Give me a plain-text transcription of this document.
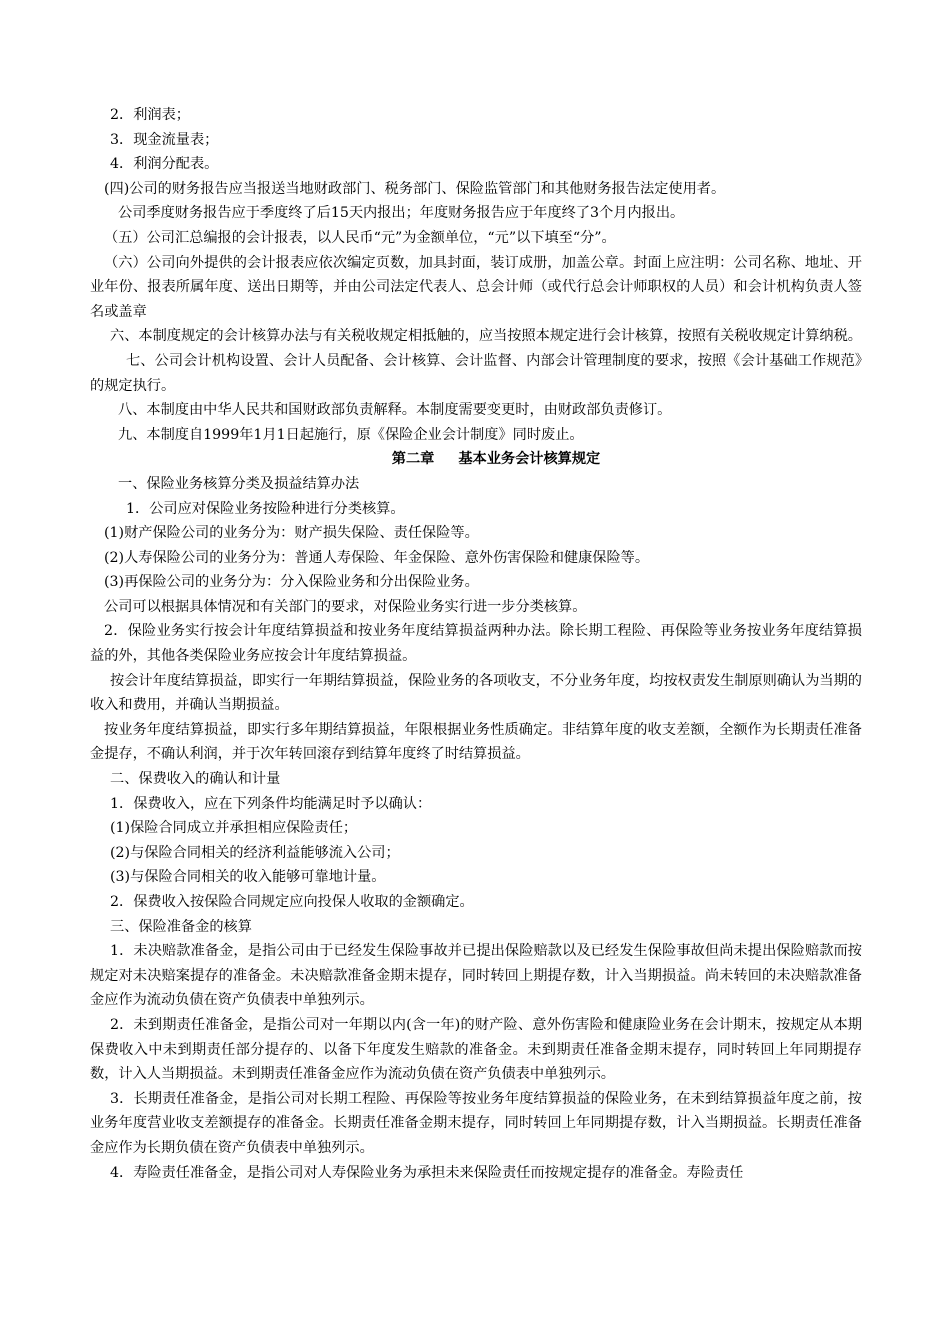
2．利润表；
3．现金流量表；
4．利润分配表。
(四)公司的财务报告应当报送当地财政部门、税务部门、保险监管部门和其他财务报告法定使用者。
公司季度财务报告应于季度终了后15天内报出；年度财务报告应于年度终了3个月内报出。
（五）公司汇总编报的会计报表，以人民币“元”为金额单位，“元”以下填至“分”。
（六）公司向外提供的会计报表应依次编定页数，加具封面，装订成册，加盖公章。封面上应注明：公司名称、地址、开业年份、报表所属年度、送出日期等，并由公司法定代表人、总会计师（或代行总会计师职权的人员）和会计机构负责人签名或盖章
六、本制度规定的会计核算办法与有关税收规定相抵触的，应当按照本规定进行会计核算，按照有关税收规定计算纳税。
七、公司会计机构设置、会计人员配备、会计核算、会计监督、内部会计管理制度的要求，按照《会计基础工作规范》的规定执行。
八、本制度由中华人民共和国财政部负责解释。本制度需要变更时，由财政部负责修订。
九、本制度自1999年1月1日起施行，原《保险企业会计制度》同时废止。
第二章 基本业务会计核算规定
一、保险业务核算分类及损益结算办法
1．公司应对保险业务按险种进行分类核算。
(1)财产保险公司的业务分为：财产损失保险、责任保险等。
(2)人寿保险公司的业务分为：普通人寿保险、年金保险、意外伤害保险和健康保险等。
(3)再保险公司的业务分为：分入保险业务和分出保险业务。
公司可以根据具体情况和有关部门的要求，对保险业务实行进一步分类核算。
2．保险业务实行按会计年度结算损益和按业务年度结算损益两种办法。除长期工程险、再保险等业务按业务年度结算损益的外，其他各类保险业务应按会计年度结算损益。
按会计年度结算损益，即实行一年期结算损益，保险业务的各项收支，不分业务年度，均按权责发生制原则确认为当期的收入和费用，并确认当期损益。
按业务年度结算损益，即实行多年期结算损益，年限根据业务性质确定。非结算年度的收支差额，全额作为长期责任准备金提存，不确认利润，并于次年转回滚存到结算年度终了时结算损益。
二、保费收入的确认和计量
1．保费收入，应在下列条件均能满足时予以确认：
(1)保险合同成立并承担相应保险责任；
(2)与保险合同相关的经济利益能够流入公司；
(3)与保险合同相关的收入能够可靠地计量。
2．保费收入按保险合同规定应向投保人收取的金额确定。
三、保险准备金的核算
1．未决赔款准备金，是指公司由于已经发生保险事故并已提出保险赔款以及已经发生保险事故但尚未提出保险赔款而按规定对未决赔案提存的准备金。未决赔款准备金期末提存，同时转回上期提存数，计入当期损益。尚未转回的未决赔款准备金应作为流动负债在资产负债表中单独列示。
2．未到期责任准备金，是指公司对一年期以内(含一年)的财产险、意外伤害险和健康险业务在会计期末，按规定从本期保费收入中未到期责任部分提存的、以备下年度发生赔款的准备金。未到期责任准备金期末提存，同时转回上年同期提存数，计入人当期损益。未到期责任准备金应作为流动负债在资产负债表中单独列示。
3．长期责任准备金，是指公司对长期工程险、再保险等按业务年度结算损益的保险业务，在未到结算损益年度之前，按业务年度营业收支差额提存的准备金。长期责任准备金期末提存，同时转回上年同期提存数，计入当期损益。长期责任准备金应作为长期负债在资产负债表中单独列示。
4．寿险责任准备金，是指公司对人寿保险业务为承担未来保险责任而按规定提存的准备金。寿险责任
